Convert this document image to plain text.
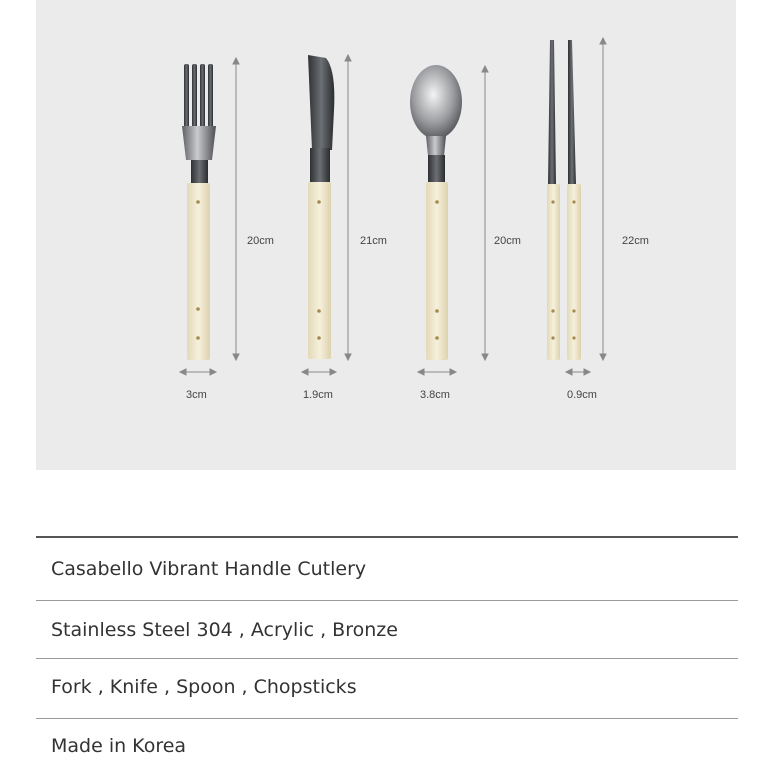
20cm	21cm	20cm	22cm
3cm	1.9cm	3.8cm	0.9cm
Casabello Vibrant Handle Cutlery
Stainless Steel 304 , Acrylic , Bronze
Fork , Knife , Spoon , Chopsticks
Made in Korea
